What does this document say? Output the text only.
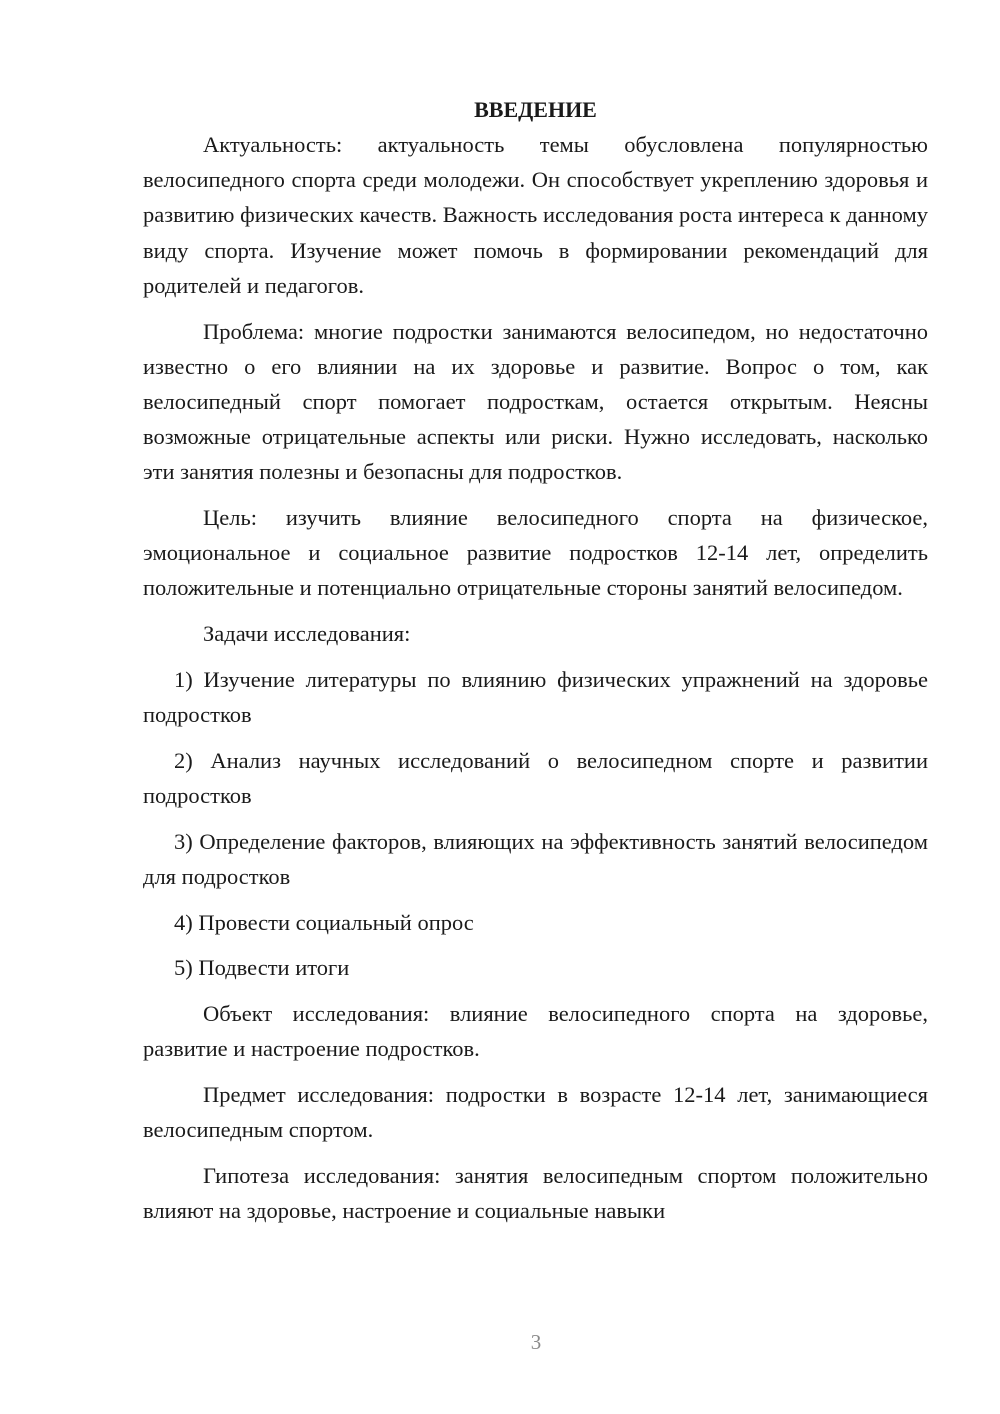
ВВЕДЕНИЕ

Актуальность: актуальность темы обусловлена популярностью велосипедного спорта среди молодежи. Он способствует укреплению здоровья и развитию физических качеств. Важность исследования роста интереса к данному виду спорта. Изучение может помочь в формировании рекомендаций для родителей и педагогов.

Проблема: многие подростки занимаются велосипедом, но недостаточно известно о его влиянии на их здоровье и развитие. Вопрос о том, как велосипедный спорт помогает подросткам, остается открытым. Неясны возможные отрицательные аспекты или риски. Нужно исследовать, насколько эти занятия полезны и безопасны для подростков.

Цель: изучить влияние велосипедного спорта на физическое, эмоциональное и социальное развитие подростков 12-14 лет, определить положительные и потенциально отрицательные стороны занятий велосипедом.

Задачи исследования:

1) Изучение литературы по влиянию физических упражнений на здоровье подростков

2) Анализ научных исследований о велосипедном спорте и развитии подростков

3) Определение факторов, влияющих на эффективность занятий велосипедом для подростков

4) Провести социальный опрос

5) Подвести итоги

Объект исследования: влияние велосипедного спорта на здоровье, развитие и настроение подростков.

Предмет исследования: подростки в возрасте 12-14 лет, занимающиеся велосипедным спортом.

Гипотеза исследования: занятия велосипедным спортом положительно влияют на здоровье, настроение и социальные навыки

3
